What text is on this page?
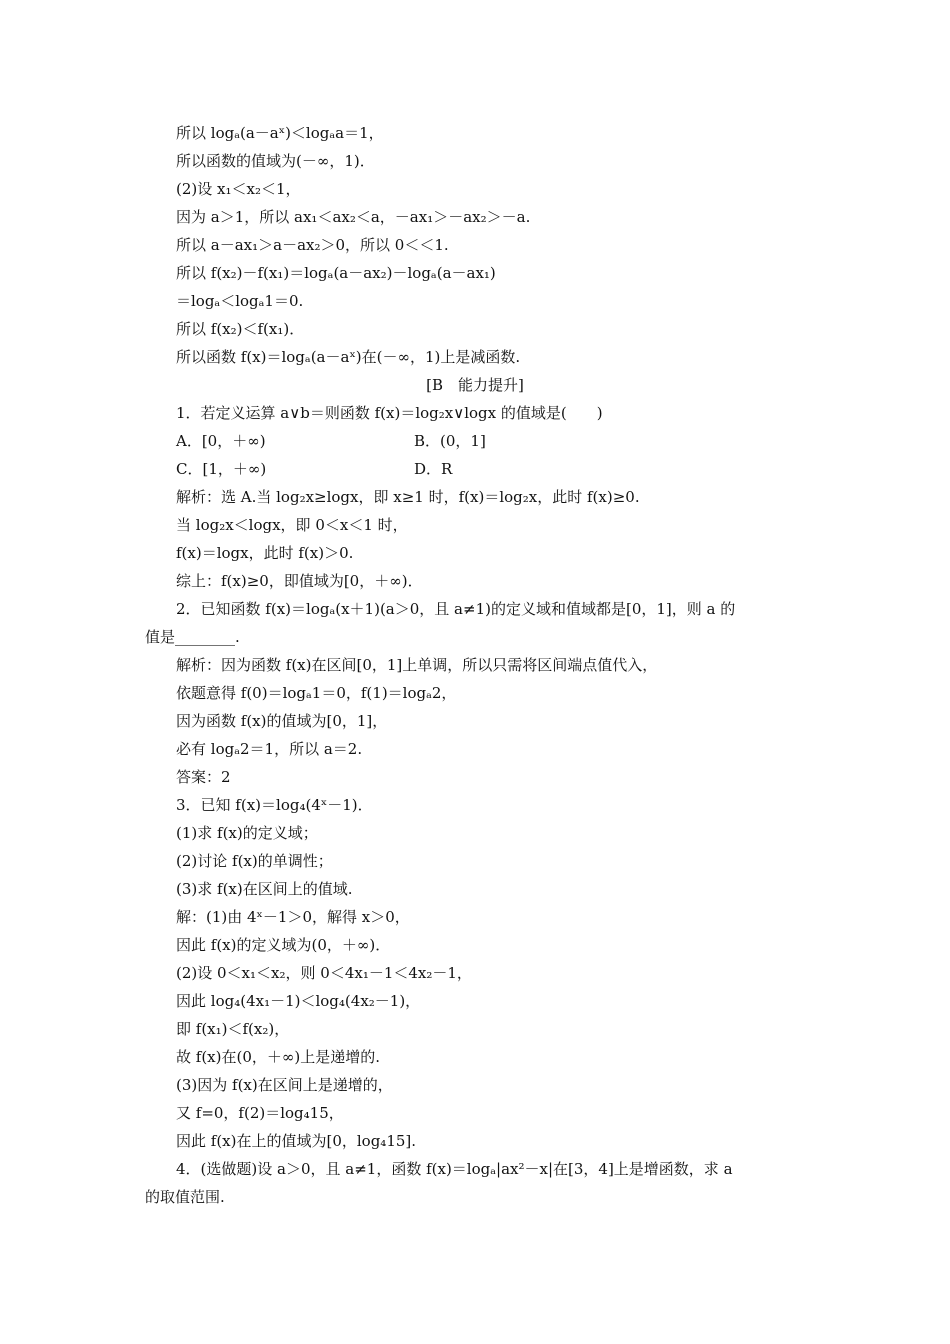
所以 logₐ(a－aˣ)＜logₐa＝1，
所以函数的值域为(－∞，1)．
(2)设 x₁＜x₂＜1，
因为 a＞1，所以 ax₁＜ax₂＜a，－ax₁＞－ax₂＞－a.
所以 a－ax₁＞a－ax₂＞0，所以 0＜＜1.
所以 f(x₂)－f(x₁)＝logₐ(a－ax₂)－logₐ(a－ax₁)
＝logₐ＜logₐ1＝0.
所以 f(x₂)＜f(x₁)．
所以函数 f(x)＝logₐ(a－aˣ)在(－∞，1)上是减函数.
[B　能力提升]
1．若定义运算 a∨b＝则函数 f(x)＝log₂x∨logx 的值域是(　　)
A．[0，＋∞)	B．(0，1]
C．[1，＋∞)	D．R
解析：选 A.当 log₂x≥logx，即 x≥1 时，f(x)＝log₂x，此时 f(x)≥0.
当 log₂x＜logx，即 0＜x＜1 时，
f(x)＝logx，此时 f(x)＞0.
综上：f(x)≥0，即值域为[0，＋∞)．
2．已知函数 f(x)＝logₐ(x＋1)(a＞0，且 a≠1)的定义域和值域都是[0，1]，则 a 的
值是________.
解析：因为函数 f(x)在区间[0，1]上单调，所以只需将区间端点值代入，
依题意得 f(0)＝logₐ1＝0，f(1)＝logₐ2，
因为函数 f(x)的值域为[0，1]，
必有 logₐ2＝1，所以 a＝2.
答案：2
3．已知 f(x)＝log₄(4ˣ－1)．
(1)求 f(x)的定义域；
(2)讨论 f(x)的单调性；
(3)求 f(x)在区间上的值域.
解：(1)由 4ˣ－1＞0，解得 x＞0，
因此 f(x)的定义域为(0，＋∞)．
(2)设 0＜x₁＜x₂，则 0＜4x₁－1＜4x₂－1，
因此 log₄(4x₁－1)＜log₄(4x₂－1)，
即 f(x₁)＜f(x₂)，
故 f(x)在(0，＋∞)上是递增的.
(3)因为 f(x)在区间上是递增的，
又 f=0，f(2)＝log₄15，
因此 f(x)在上的值域为[0，log₄15].
4．(选做题)设 a＞0，且 a≠1，函数 f(x)＝logₐ|ax²－x|在[3，4]上是增函数，求 a
的取值范围.
